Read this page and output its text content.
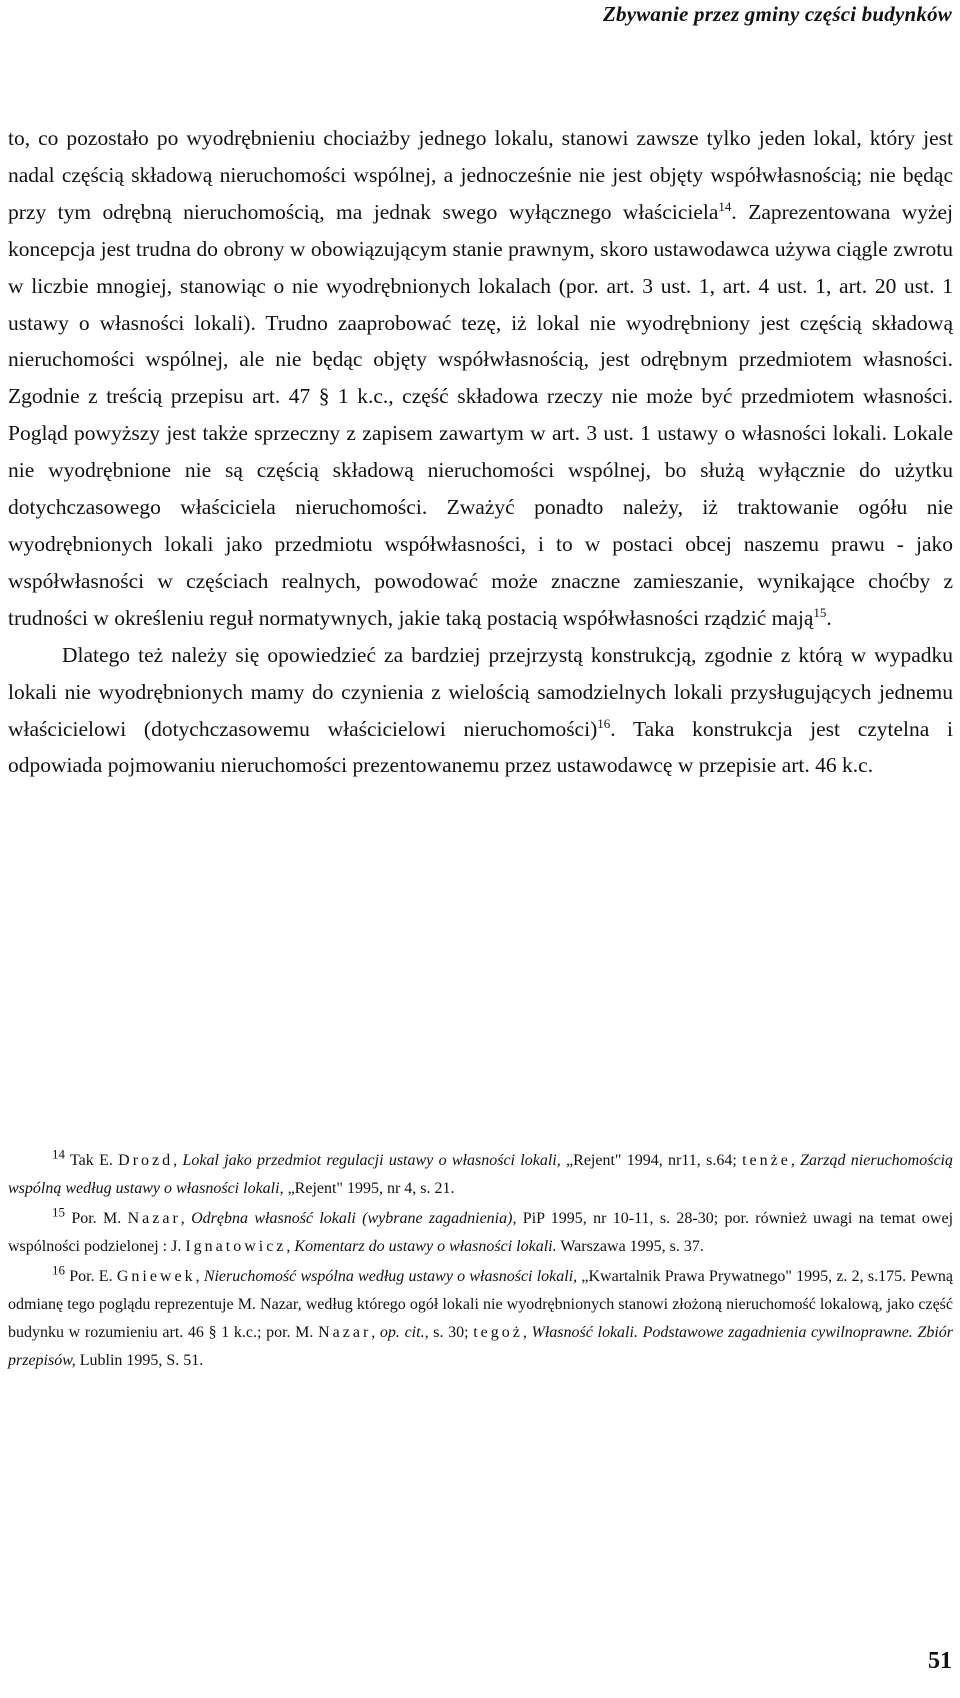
Zbywanie przez gminy części budynków

to, co pozostało po wyodrębnieniu chociażby jednego lokalu, stanowi zawsze tylko jeden lokal, który jest nadal częścią składową nieruchomości wspólnej, a jednocześnie nie jest objęty współwłasnością; nie będąc przy tym odrębną nieruchomością, ma jednak swego wyłącznego właściciela$^{14}$. Zaprezentowana wyżej koncepcja jest trudna do obrony w obowiązującym stanie prawnym, skoro ustawodawca używa ciągle zwrotu w liczbie mnogiej, stanowiąc o nie wyodrębnionych lokalach (por. art. 3 ust. 1, art. 4 ust. 1, art. 20 ust. 1 ustawy o własności lokali). Trudno zaaprobować tezę, iż lokal nie wyodrębniony jest częścią składową nieruchomości wspólnej, ale nie będąc objęty współwłasnością, jest odrębnym przedmiotem własności. Zgodnie z treścią przepisu art. 47 § 1 k.c., część składowa rzeczy nie może być przedmiotem własności. Pogląd powyższy jest także sprzeczny z zapisem zawartym w art. 3 ust. 1 ustawy o własności lokali. Lokale nie wyodrębnione nie są częścią składową nieruchomości wspólnej, bo służą wyłącznie do użytku dotychczasowego właściciela nieruchomości. Zważyć ponadto należy, iż traktowanie ogółu nie wyodrębnionych lokali jako przedmiotu współwłasności, i to w postaci obcej naszemu prawu - jako współwłasności w częściach realnych, powodować może znaczne zamieszanie, wynikające choćby z trudności w określeniu reguł normatywnych, jakie taką postacią współwłasności rządzić mają$^{15}$.

Dlatego też należy się opowiedzieć za bardziej przejrzystą konstrukcją, zgodnie z którą w wypadku lokali nie wyodrębnionych mamy do czynienia z wielością samodzielnych lokali przysługujących jednemu właścicielowi (dotychczasowemu właścicielowi nieruchomości)$^{16}$. Taka konstrukcja jest czytelna i odpowiada pojmowaniu nieruchomości prezentowanemu przez ustawodawcę w przepisie art. 46 k.c.

$^{14}$ Tak E. Drozd, Lokal jako przedmiot regulacji ustawy o własności lokali, „Rejent" 1994, nr11, s.64; tenże, Zarząd nieruchomością wspólną według ustawy o własności lokali, „Rejent" 1995, nr 4, s. 21.

$^{15}$ Por. M. Nazar, Odrębna własność lokali (wybrane zagadnienia), PiP 1995, nr 10-11, s. 28-30; por. również uwagi na temat owej wspólności podzielonej : J. Ignatowicz, Komentarz do ustawy o własności lokali. Warszawa 1995, s. 37.

$^{16}$ Por. E. Gniewek, Nieruchomość wspólna według ustawy o własności lokali, „Kwartalnik Prawa Prywatnego" 1995, z. 2, s.175. Pewną odmianę tego poglądu reprezentuje M. Nazar, według którego ogół lokali nie wyodrębnionych stanowi złożoną nieruchomość lokalową, jako część budynku w rozumieniu art. 46 § 1 k.c.; por. M. Nazar, op. cit., s. 30; tegoż, Własność lokali. Podstawowe zagadnienia cywilnoprawne. Zbiór przepisów, Lublin 1995, S. 51.

51
